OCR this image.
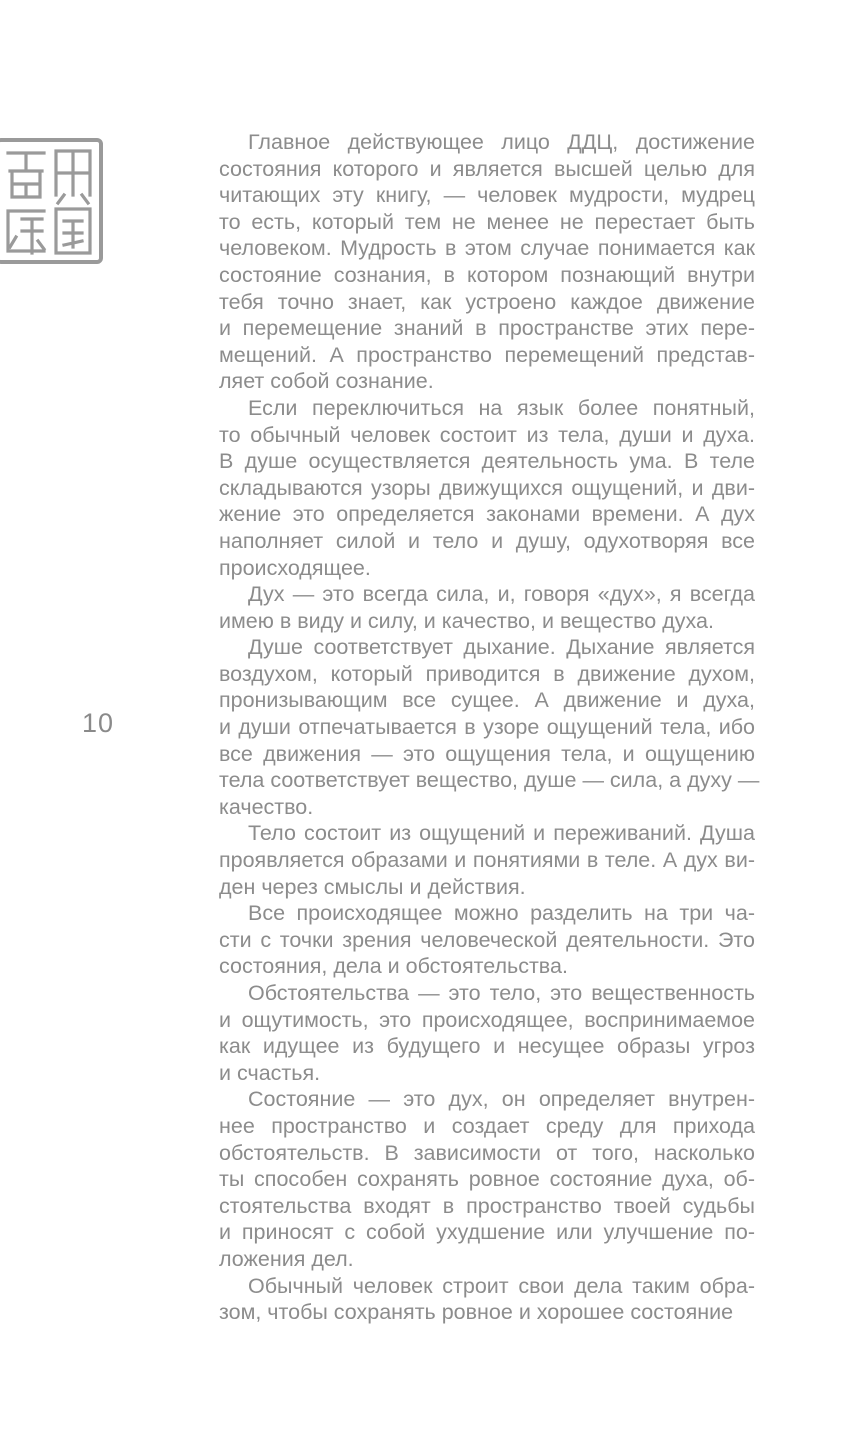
10
Главное действующее лицо ДДЦ, достижение
состояния которого и является высшей целью для
читающих эту книгу, — человек мудрости, мудрец
то есть, который тем не менее не перестает быть
человеком. Мудрость в этом случае понимается как
состояние сознания, в котором познающий внутри
тебя точно знает, как устроено каждое движение
и перемещение знаний в пространстве этих пере-
мещений. А пространство перемещений представ-
ляет собой сознание.
Если переключиться на язык более понятный,
то обычный человек состоит из тела, души и духа.
В душе осуществляется деятельность ума. В теле
складываются узоры движущихся ощущений, и дви-
жение это определяется законами времени. А дух
наполняет силой и тело и душу, одухотворяя все
происходящее.
Дух — это всегда сила, и, говоря «дух», я всегда
имею в виду и силу, и качество, и вещество духа.
Душе соответствует дыхание. Дыхание является
воздухом, который приводится в движение духом,
пронизывающим все сущее. А движение и духа,
и души отпечатывается в узоре ощущений тела, ибо
все движения — это ощущения тела, и ощущению
тела соответствует вещество, душе — сила, а духу —
качество.
Тело состоит из ощущений и переживаний. Душа
проявляется образами и понятиями в теле. А дух ви-
ден через смыслы и действия.
Все происходящее можно разделить на три ча-
сти с точки зрения человеческой деятельности. Это
состояния, дела и обстоятельства.
Обстоятельства — это тело, это вещественность
и ощутимость, это происходящее, воспринимаемое
как идущее из будущего и несущее образы угроз
и счастья.
Состояние — это дух, он определяет внутрен-
нее пространство и создает среду для прихода
обстоятельств. В зависимости от того, насколько
ты способен сохранять ровное состояние духа, об-
стоятельства входят в пространство твоей судьбы
и приносят с собой ухудшение или улучшение по-
ложения дел.
Обычный человек строит свои дела таким обра-
зом, чтобы сохранять ровное и хорошее состояние
